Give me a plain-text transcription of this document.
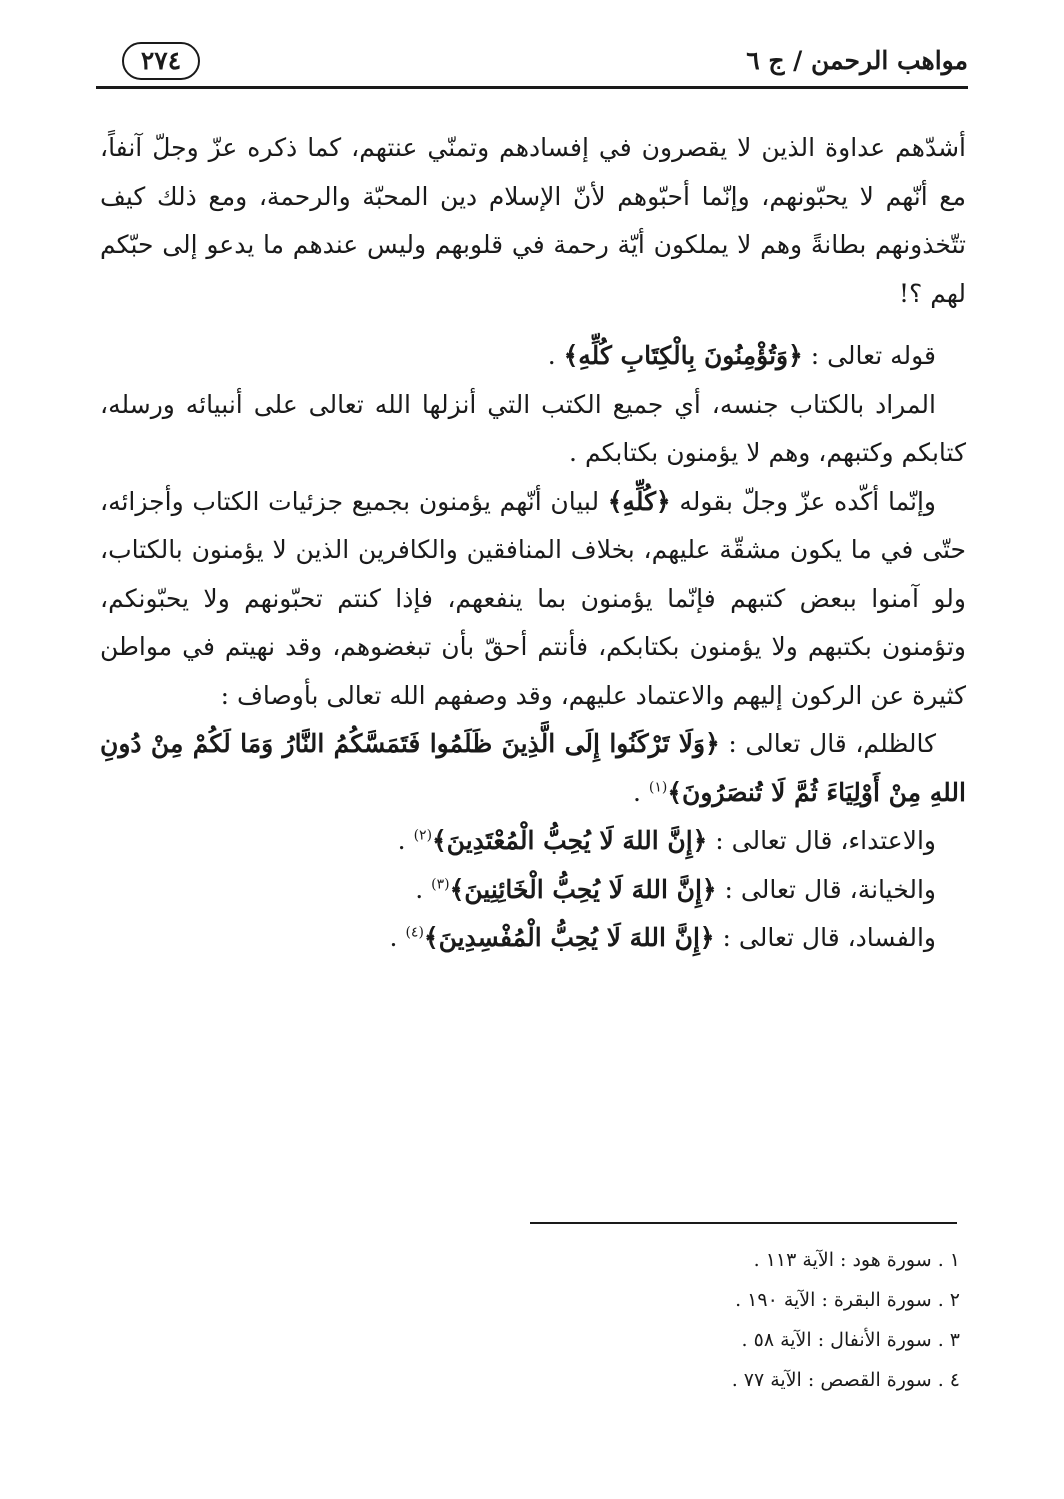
مواهب الرحمن / ج ٦
٢٧٤

أشدّهم عداوة الذين لا يقصرون في إفسادهم وتمنّي عنتهم، كما ذكره عزّ وجلّ آنفاً، مع أنّهم لا يحبّونهم، وإنّما أحبّوهم لأنّ الإسلام دين المحبّة والرحمة، ومع ذلك كيف تتّخذونهم بطانةً وهم لا يملكون أيّة رحمة في قلوبهم وليس عندهم ما يدعو إلى حبّكم لهم ؟!

قوله تعالى : ﴿وَتُؤْمِنُونَ بِالْكِتَابِ كُلِّهِ﴾ .

المراد بالكتاب جنسه، أي جميع الكتب التي أنزلها الله تعالى على أنبيائه ورسله، كتابكم وكتبهم، وهم لا يؤمنون بكتابكم .

وإنّما أكّده عزّ وجلّ بقوله ﴿كُلِّهِ﴾ لبيان أنّهم يؤمنون بجميع جزئيات الكتاب وأجزائه، حتّى في ما يكون مشقّة عليهم، بخلاف المنافقين والكافرين الذين لا يؤمنون بالكتاب، ولو آمنوا ببعض كتبهم فإنّما يؤمنون بما ينفعهم، فإذا كنتم تحبّونهم ولا يحبّونكم، وتؤمنون بكتبهم ولا يؤمنون بكتابكم، فأنتم أحقّ بأن تبغضوهم، وقد نهيتم في مواطن كثيرة عن الركون إليهم والاعتماد عليهم، وقد وصفهم الله تعالى بأوصاف :

كالظلم، قال تعالى : ﴿وَلَا تَرْكَنُوا إِلَى الَّذِينَ ظَلَمُوا فَتَمَسَّكُمُ النَّارُ وَمَا لَكُمْ مِنْ دُونِ اللهِ مِنْ أَوْلِيَاءَ ثُمَّ لَا تُنصَرُونَ﴾$^{(١)}$ .

والاعتداء، قال تعالى : ﴿إِنَّ اللهَ لَا يُحِبُّ الْمُعْتَدِينَ﴾$^{(٢)}$ .

والخيانة، قال تعالى : ﴿إِنَّ اللهَ لَا يُحِبُّ الْخَائِنِينَ﴾$^{(٣)}$ .

والفساد، قال تعالى : ﴿إِنَّ اللهَ لَا يُحِبُّ الْمُفْسِدِينَ﴾$^{(٤)}$ .

١ . سورة هود : الآية ١١٣ .

٢ . سورة البقرة : الآية ١٩٠ .

٣ . سورة الأنفال : الآية ٥٨ .

٤ . سورة القصص : الآية ٧٧ .
